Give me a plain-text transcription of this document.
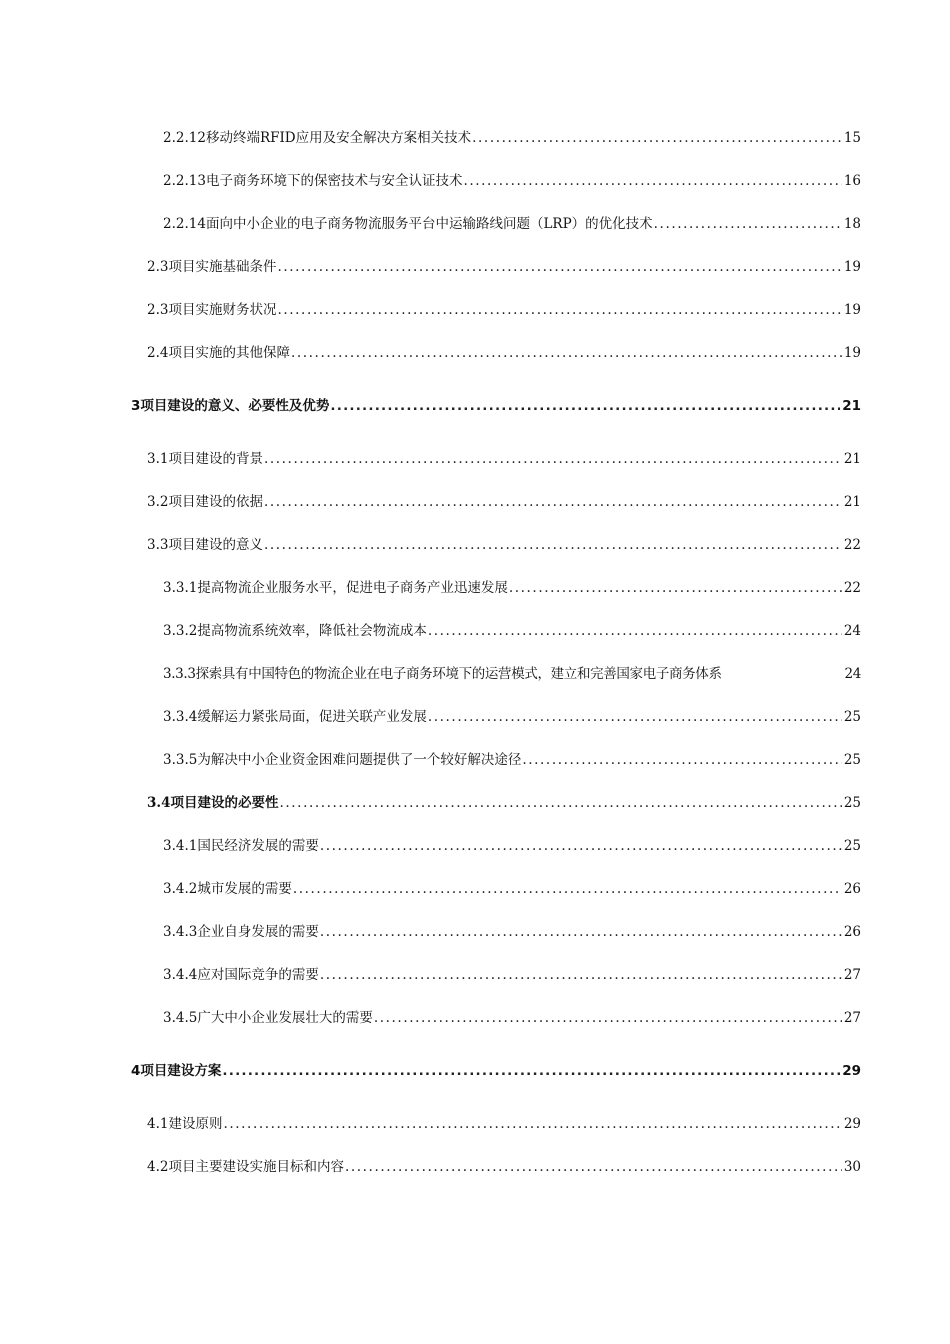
2.2.12移动终端RFID应用及安全解决方案相关技术 .....	15
2.2.13电子商务环境下的保密技术与安全认证技术 .....	16
2.2.14面向中小企业的电子商务物流服务平台中运输路线问题（LRP）的优化技术 .....	18
2.3项目实施基础条件 .....	19
2.3项目实施财务状况 .....	19
2.4项目实施的其他保障 .....	19
3项目建设的意义、必要性及优势 .....	21
3.1项目建设的背景 .....	21
3.2项目建设的依据 .....	21
3.3项目建设的意义 .....	22
3.3.1提高物流企业服务水平，促进电子商务产业迅速发展 .....	22
3.3.2提高物流系统效率，降低社会物流成本 .....	24
3.3.3探索具有中国特色的物流企业在电子商务环境下的运营模式，建立和完善国家电子商务体系	24
3.3.4缓解运力紧张局面，促进关联产业发展 .....	25
3.3.5为解决中小企业资金困难问题提供了一个较好解决途径 .....	25
3.4项目建设的必要性 .....	25
3.4.1国民经济发展的需要 .....	25
3.4.2城市发展的需要 .....	26
3.4.3企业自身发展的需要 .....	26
3.4.4应对国际竞争的需要 .....	27
3.4.5广大中小企业发展壮大的需要 .....	27
4项目建设方案 .....	29
4.1建设原则 .....	29
4.2项目主要建设实施目标和内容 .....	30
